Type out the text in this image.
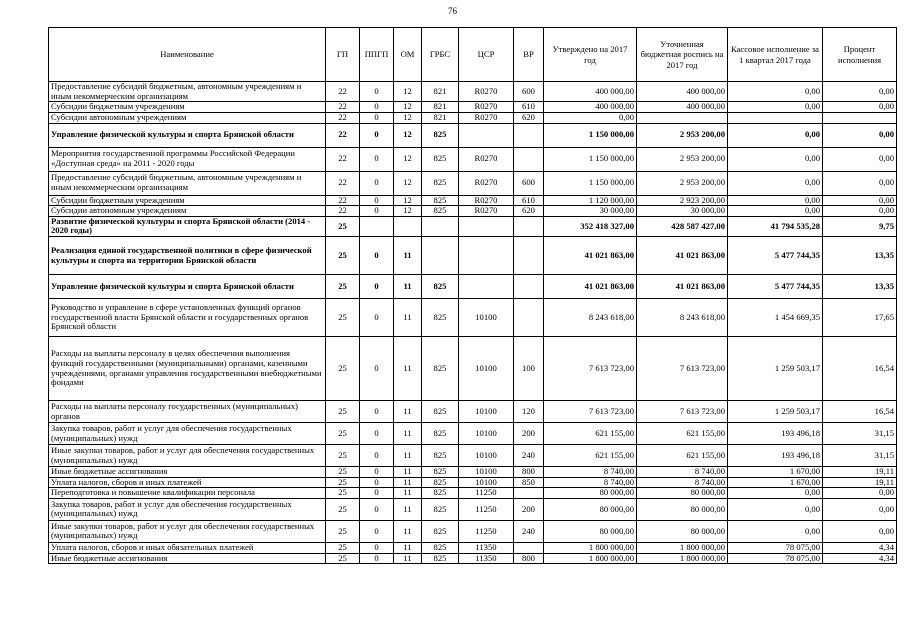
76
Наименование	ГП	ППГП	ОМ	ГРБС	ЦСР	ВР	Утверждено на 2017 год	Уточненная бюджетная роспись на 2017 год	Кассовое исполнение за 1 квартал 2017 года	Процент исполнения
Предоставление субсидий бюджетным, автономным учреждениям и иным некоммерческим организациям	22	0	12	821	R0270	600	400 000,00	400 000,00	0,00	0,00
Субсидии бюджетным учреждениям	22	0	12	821	R0270	610	400 000,00	400 000,00	0,00	0,00
Субсидии автономным учреждениям	22	0	12	821	R0270	620	0,00			
Управление физической культуры и спорта Брянской области	22	0	12	825			1 150 000,00	2 953 200,00	0,00	0,00
Мероприятия государственной программы Российской Федерации «Доступная среда» на 2011 - 2020 годы	22	0	12	825	R0270		1 150 000,00	2 953 200,00	0,00	0,00
Предоставление субсидий бюджетным, автономным учреждениям и иным некоммерческим организациям	22	0	12	825	R0270	600	1 150 000,00	2 953 200,00	0,00	0,00
Субсидии бюджетным учреждениям	22	0	12	825	R0270	610	1 120 000,00	2 923 200,00	0,00	0,00
Субсидии автономным учреждениям	22	0	12	825	R0270	620	30 000,00	30 000,00	0,00	0,00
Развитие физической культуры и спорта Брянской области (2014 - 2020 годы)	25						352 418 327,00	428 587 427,00	41 794 535,28	9,75
Реализация единой государственной политики в сфере физической культуры и спорта на территории Брянской области	25	0	11				41 021 863,00	41 021 863,00	5 477 744,35	13,35
Управление физической культуры и спорта Брянской области	25	0	11	825			41 021 863,00	41 021 863,00	5 477 744,35	13,35
Руководство и управление в сфере установленных функций органов государственной власти Брянской области и государственных органов Брянской области	25	0	11	825	10100		8 243 618,00	8 243 618,00	1 454 669,35	17,65
Расходы на выплаты персоналу в целях обеспечения выполнения функций государственными (муниципальными) органами, казенными учреждениями, органами управления государственными внебюджетными фондами	25	0	11	825	10100	100	7 613 723,00	7 613 723,00	1 259 503,17	16,54
Расходы на выплаты персоналу государственных (муниципальных) органов	25	0	11	825	10100	120	7 613 723,00	7 613 723,00	1 259 503,17	16,54
Закупка товаров, работ и услуг для обеспечения государственных (муниципальных) нужд	25	0	11	825	10100	200	621 155,00	621 155,00	193 496,18	31,15
Иные закупки товаров, работ и услуг для обеспечения государственных (муниципальных) нужд	25	0	11	825	10100	240	621 155,00	621 155,00	193 496,18	31,15
Иные бюджетные ассигнования	25	0	11	825	10100	800	8 740,00	8 740,00	1 670,00	19,11
Уплата налогов, сборов и иных платежей	25	0	11	825	10100	850	8 740,00	8 740,00	1 670,00	19,11
Переподготовка и повышение квалификации персонала	25	0	11	825	11250		80 000,00	80 000,00	0,00	0,00
Закупка товаров, работ и услуг для обеспечения государственных (муниципальных) нужд	25	0	11	825	11250	200	80 000,00	80 000,00	0,00	0,00
Иные закупки товаров, работ и услуг для обеспечения государственных (муниципальных) нужд	25	0	11	825	11250	240	80 000,00	80 000,00	0,00	0,00
Уплата налогов, сборов и иных обязательных платежей	25	0	11	825	11350		1 800 000,00	1 800 000,00	78 075,00	4,34
Иные бюджетные ассигнования	25	0	11	825	11350	800	1 800 000,00	1 800 000,00	78 075,00	4,34
